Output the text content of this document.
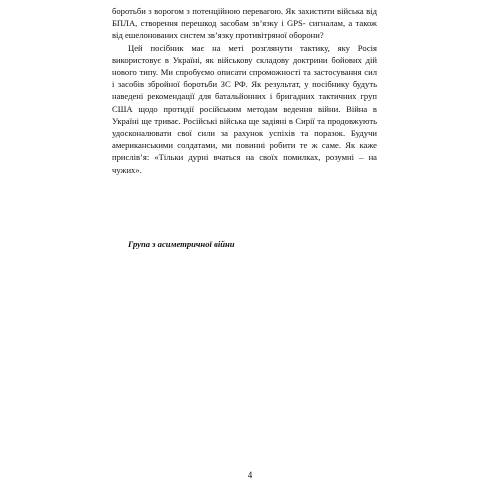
боротьби з ворогом з потенційною перевагою. Як захистити війська від БПЛА, створення перешкод засобам зв’язку і GPS- сигналам, а також від ешелонованих систем зв’язку противітряної оборони?

Цей посібник має на меті розглянути тактику, яку Росія використовує в Україні, як військову складову доктрини бойових дій нового типу. Ми спробуємо описати спроможності та застосування сил і засобів збройної боротьби ЗС РФ. Як результат, у посібнику будуть наведені рекомендації для батальйонних і бригадних тактичних груп США щодо протидії російським методам ведення війни. Війна в Україні ще триває. Російські війська ще задіяні в Сирії та продовжують удосконалювати свої сили за рахунок успіхів та поразок. Будучи американськими солдатами, ми повинні робити те ж саме. Як каже прислів’я: «Тільки дурні вчаться на своїх помилках, розумні – на чужих».

Група з асиметричної війни
4
